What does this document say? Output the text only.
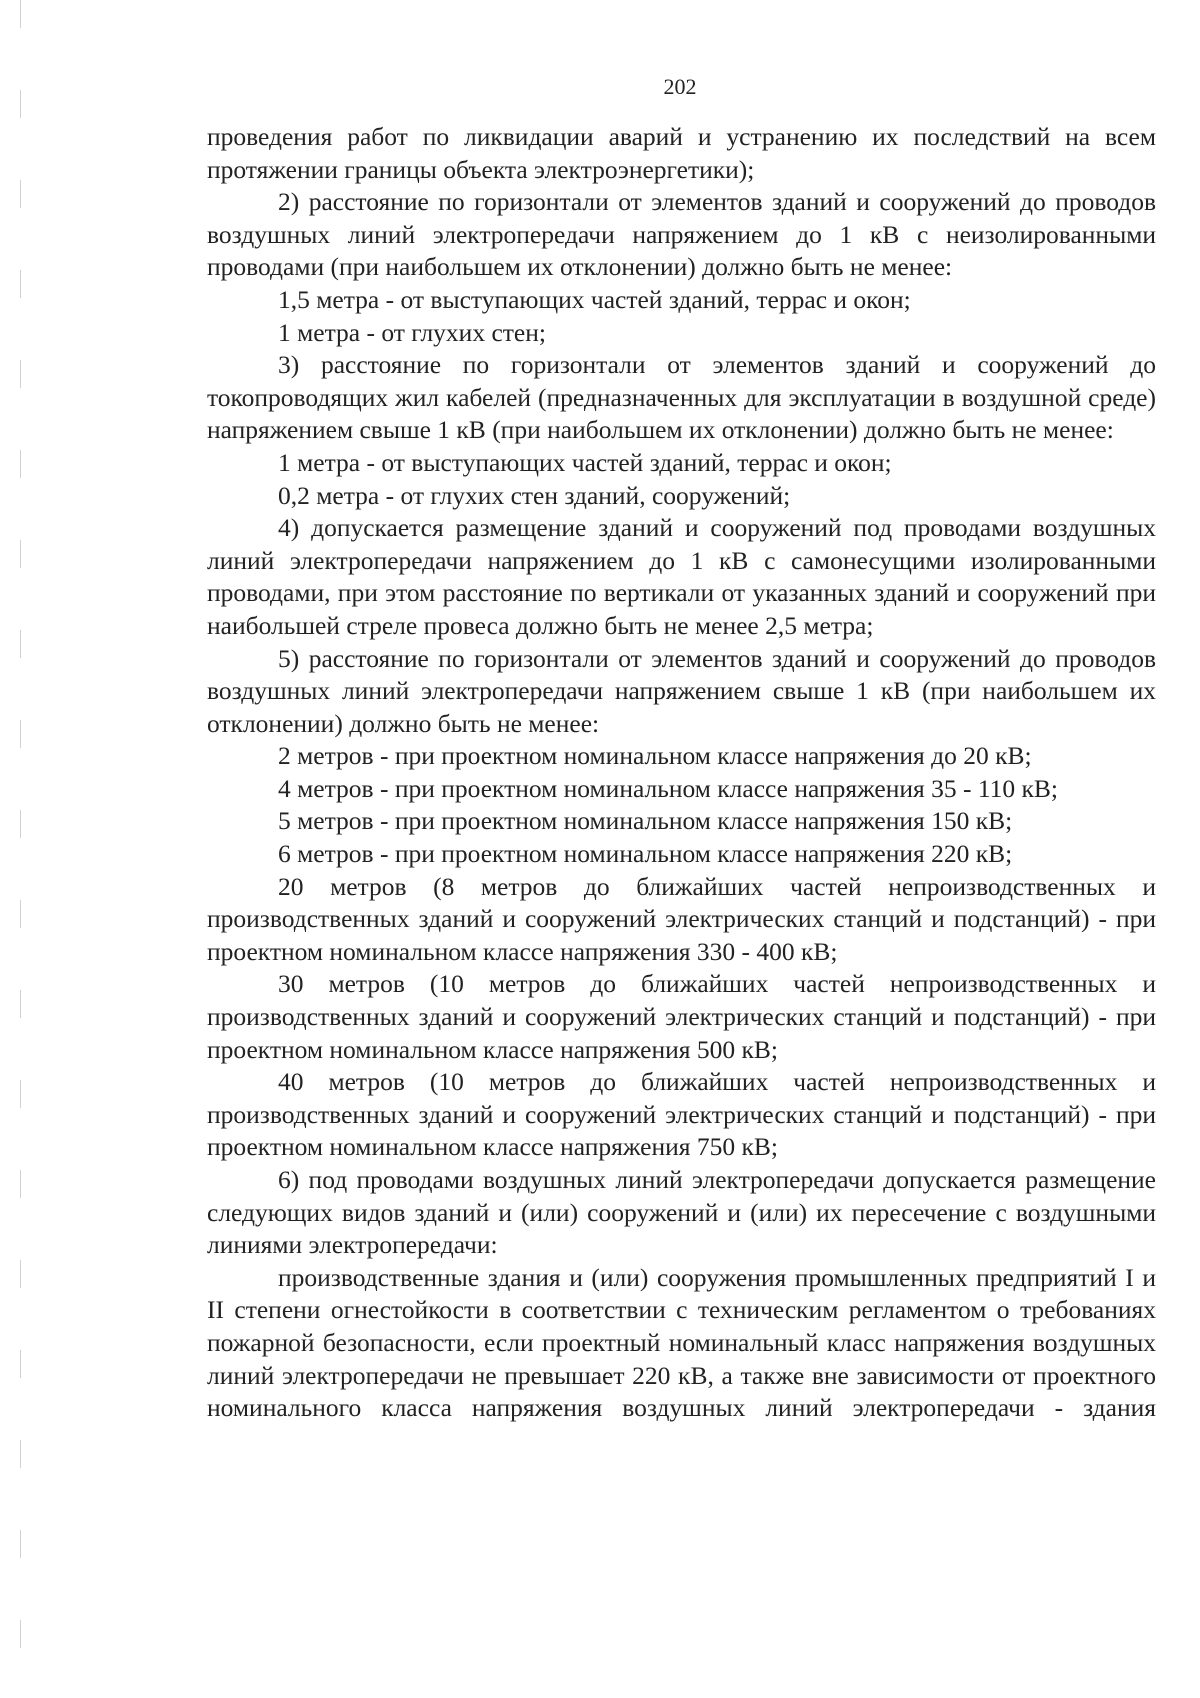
202

проведения работ по ликвидации аварий и устранению их последствий на всем протяжении границы объекта электроэнергетики);

2) расстояние по горизонтали от элементов зданий и сооружений до проводов воздушных линий электропередачи напряжением до 1 кВ с неизолированными проводами (при наибольшем их отклонении) должно быть не менее:

1,5 метра - от выступающих частей зданий, террас и окон;

1 метра - от глухих стен;

3) расстояние по горизонтали от элементов зданий и сооружений до токопроводящих жил кабелей (предназначенных для эксплуатации в воздушной среде) напряжением свыше 1 кВ (при наибольшем их отклонении) должно быть не менее:

1 метра - от выступающих частей зданий, террас и окон;

0,2 метра - от глухих стен зданий, сооружений;

4) допускается размещение зданий и сооружений под проводами воздушных линий электропередачи напряжением до 1 кВ с самонесущими изолированными проводами, при этом расстояние по вертикали от указанных зданий и сооружений при наибольшей стреле провеса должно быть не менее 2,5 метра;

5) расстояние по горизонтали от элементов зданий и сооружений до проводов воздушных линий электропередачи напряжением свыше 1 кВ (при наибольшем их отклонении) должно быть не менее:

2 метров - при проектном номинальном классе напряжения до 20 кВ;

4 метров - при проектном номинальном классе напряжения 35 - 110 кВ;

5 метров - при проектном номинальном классе напряжения 150 кВ;

6 метров - при проектном номинальном классе напряжения 220 кВ;

20 метров (8 метров до ближайших частей непроизводственных и производственных зданий и сооружений электрических станций и подстанций) - при проектном номинальном классе напряжения 330 - 400 кВ;

30 метров (10 метров до ближайших частей непроизводственных и производственных зданий и сооружений электрических станций и подстанций) - при проектном номинальном классе напряжения 500 кВ;

40 метров (10 метров до ближайших частей непроизводственных и производственных зданий и сооружений электрических станций и подстанций) - при проектном номинальном классе напряжения 750 кВ;

6) под проводами воздушных линий электропередачи допускается размещение следующих видов зданий и (или) сооружений и (или) их пересечение с воздушными линиями электропередачи:

производственные здания и (или) сооружения промышленных предприятий I и II степени огнестойкости в соответствии с техническим регламентом о требованиях пожарной безопасности, если проектный номинальный класс напряжения воздушных линий электропередачи не превышает 220 кВ, а также вне зависимости от проектного номинального класса напряжения воздушных линий электропередачи - здания
